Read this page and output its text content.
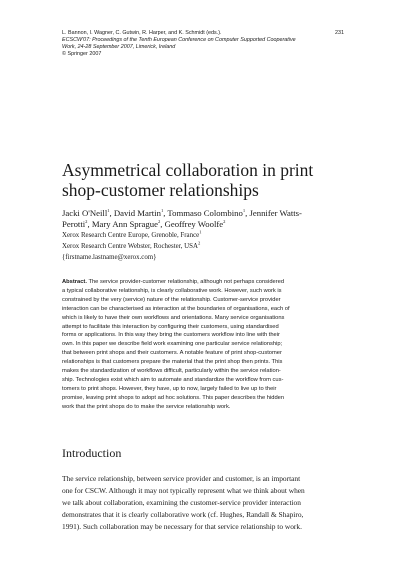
L. Bannon, I. Wagner, C. Gutwin, R. Harper, and K. Schmidt (eds.).
ECSCW'07: Proceedings of the Tenth European Conference on Computer Supported Cooperative
Work, 24-28 September 2007, Limerick, Ireland
© Springer 2007
231
Asymmetrical collaboration in print
shop-customer relationships
Jacki O'Neill$^1$, David Martin$^1$, Tommaso Colombino$^1$, Jennifer Watts-
Perotti$^2$, Mary Ann Sprague$^2$, Geoffrey Woolfe$^2$
Xerox Research Centre Europe, Grenoble, France$^1$
Xerox Research Centre Webster, Rochester, USA$^2$
{firstname.lastname@xerox.com}
Abstract. The service provider-customer relationship, although not perhaps considered
a typical collaborative relationship, is clearly collaborative work. However, such work is
constrained by the very (service) nature of the relationship. Customer-service provider
interaction can be characterised as interaction at the boundaries of organisations, each of
which is likely to have their own workflows and orientations. Many service organisations
attempt to facilitate this interaction by configuring their customers, using standardised
forms or applications. In this way they bring the customers workflow into line with their
own. In this paper we describe field work examining one particular service relationship;
that between print shops and their customers. A notable feature of print shop-customer
relationships is that customers prepare the material that the print shop then prints. This
makes the standardization of workflows difficult, particularly within the service relation-
ship. Technologies exist which aim to automate and standardize the workflow from cus-
tomers to print shops. However, they have, up to now, largely failed to live up to their
promise, leaving print shops to adopt ad hoc solutions. This paper describes the hidden
work that the print shops do to make the service relationship work.
Introduction
The service relationship, between service provider and customer, is an important
one for CSCW. Although it may not typically represent what we think about when
we talk about collaboration, examining the customer-service provider interaction
demonstrates that it is clearly collaborative work (cf. Hughes, Randall & Shapiro,
1991). Such collaboration may be necessary for that service relationship to work.
